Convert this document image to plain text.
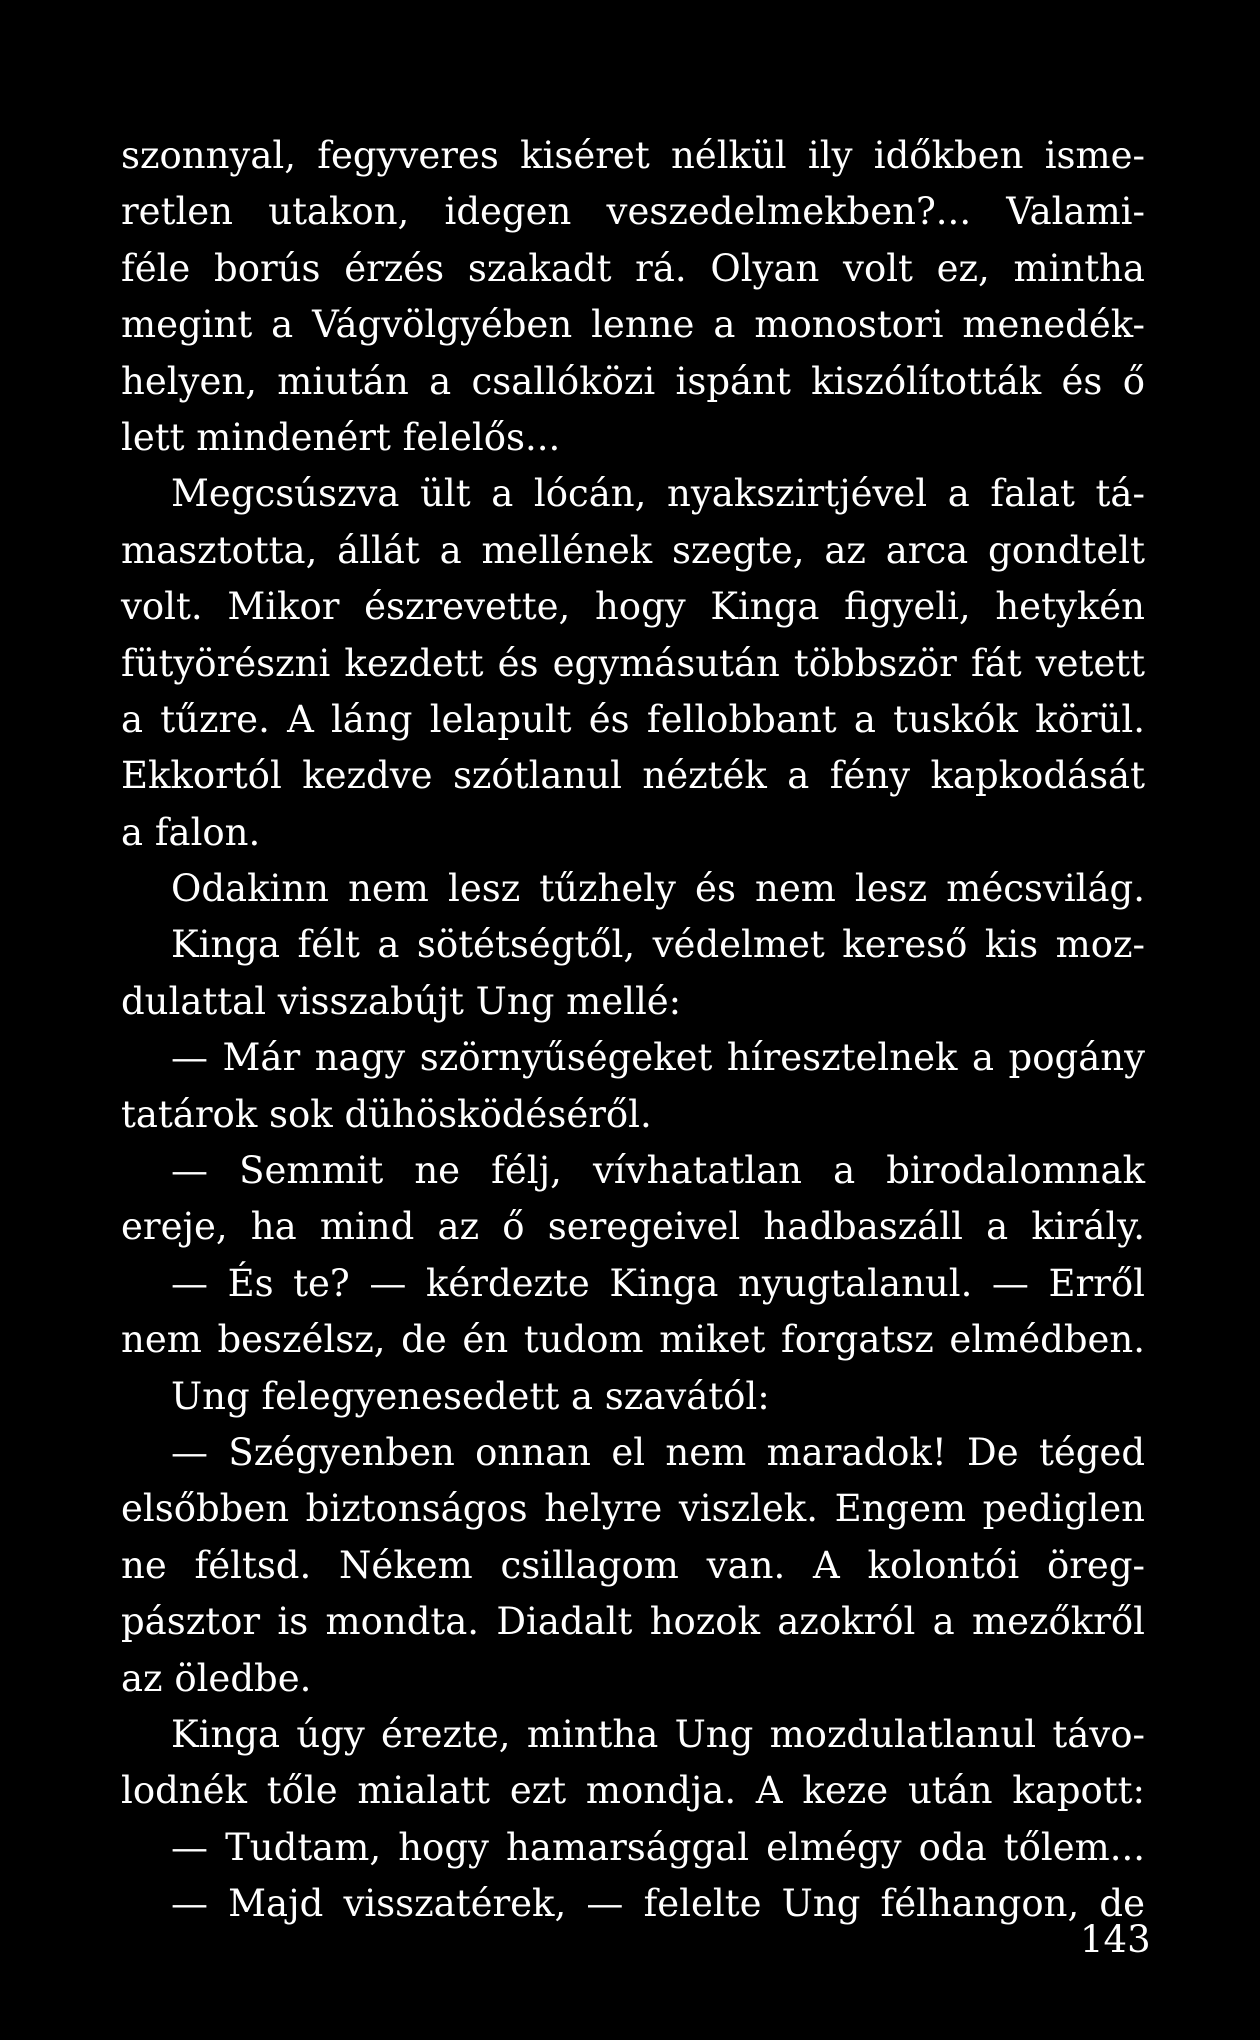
szonnyal, fegyveres kiséret nélkül ily időkben isme-
retlen utakon, idegen veszedelmekben?... Valami-
féle borús érzés szakadt rá. Olyan volt ez, mintha
megint a Vágvölgyében lenne a monostori menedék-
helyen, miután a csallóközi ispánt kiszólították és ő
lett mindenért felelős...
Megcsúszva ült a lócán, nyakszirtjével a falat tá-
masztotta, állát a mellének szegte, az arca gondtelt
volt. Mikor észrevette, hogy Kinga figyeli, hetykén
fütyörészni kezdett és egymásután többször fát vetett
a tűzre. A láng lelapult és fellobbant a tuskók körül.
Ekkortól kezdve szótlanul nézték a fény kapkodását
a falon.
Odakinn nem lesz tűzhely és nem lesz mécsvilág.
Kinga félt a sötétségtől, védelmet kereső kis moz-
dulattal visszabújt Ung mellé:
— Már nagy szörnyűségeket híresztelnek a pogány
tatárok sok dühösködéséről.
— Semmit ne félj, vívhatatlan a birodalomnak
ereje, ha mind az ő seregeivel hadbaszáll a király.
— És te? — kérdezte Kinga nyugtalanul. — Erről
nem beszélsz, de én tudom miket forgatsz elmédben.
Ung felegyenesedett a szavától:
— Szégyenben onnan el nem maradok! De téged
elsőbben biztonságos helyre viszlek. Engem pediglen
ne féltsd. Nékem csillagom van. A kolontói öreg-
pásztor is mondta. Diadalt hozok azokról a mezőkről
az öledbe.
Kinga úgy érezte, mintha Ung mozdulatlanul távo-
lodnék tőle mialatt ezt mondja. A keze után kapott:
— Tudtam, hogy hamarsággal elmégy oda tőlem...
— Majd visszatérek, — felelte Ung félhangon, de
143
